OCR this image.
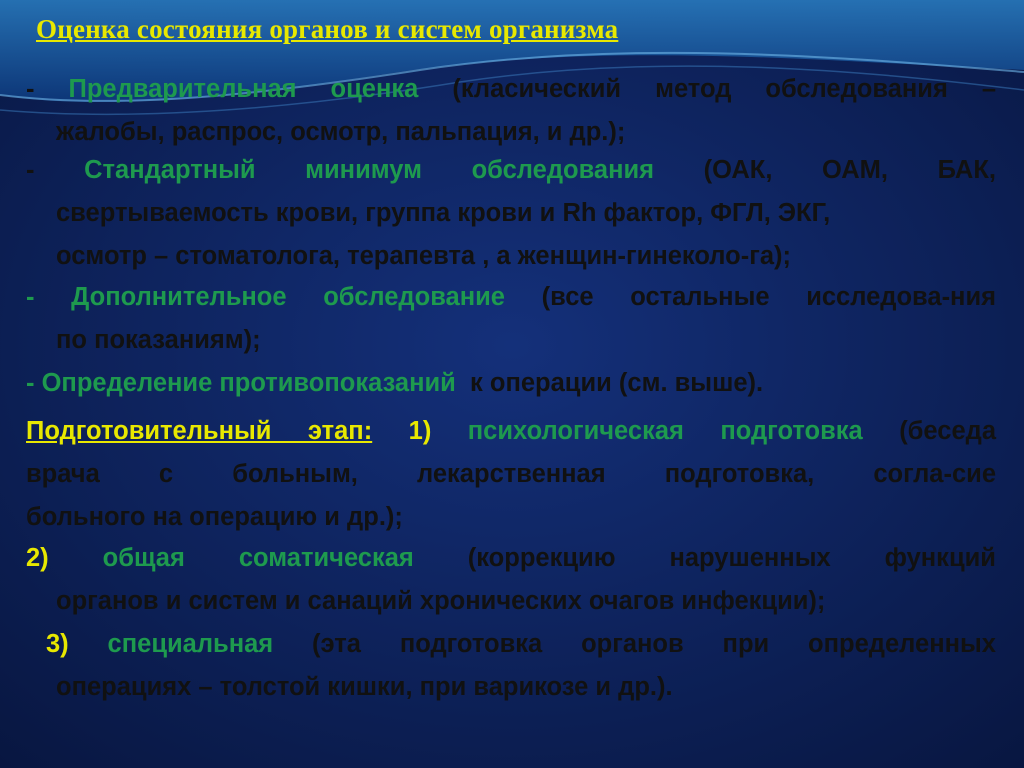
Оценка состояния органов и систем организма
- Предварительная оценка (класический метод обследования –
жалобы, распрос, осмотр, пальпация, и др.);
- Стандартный минимум обследования (ОАК, ОАМ, БАК,
свертываемость крови, группа крови и Rh фактор, ФГЛ, ЭКГ,
осмотр – стоматолога, терапевта , а женщин-гинеколо-га);
- Дополнительное обследование (все остальные исследова-ния
по показаниям);
- Определение противопоказаний к операции (см. выше).
Подготовительный этап: 1) психологическая подготовка (беседа
врача с больным, лекарственная подготовка, согла-сие
больного на операцию и др.);
2) общая соматическая (коррекцию нарушенных функций
органов и систем и санаций хронических очагов инфекции);
3) специальная (эта подготовка органов при определенных
операциях – толстой кишки, при варикозе и др.).
